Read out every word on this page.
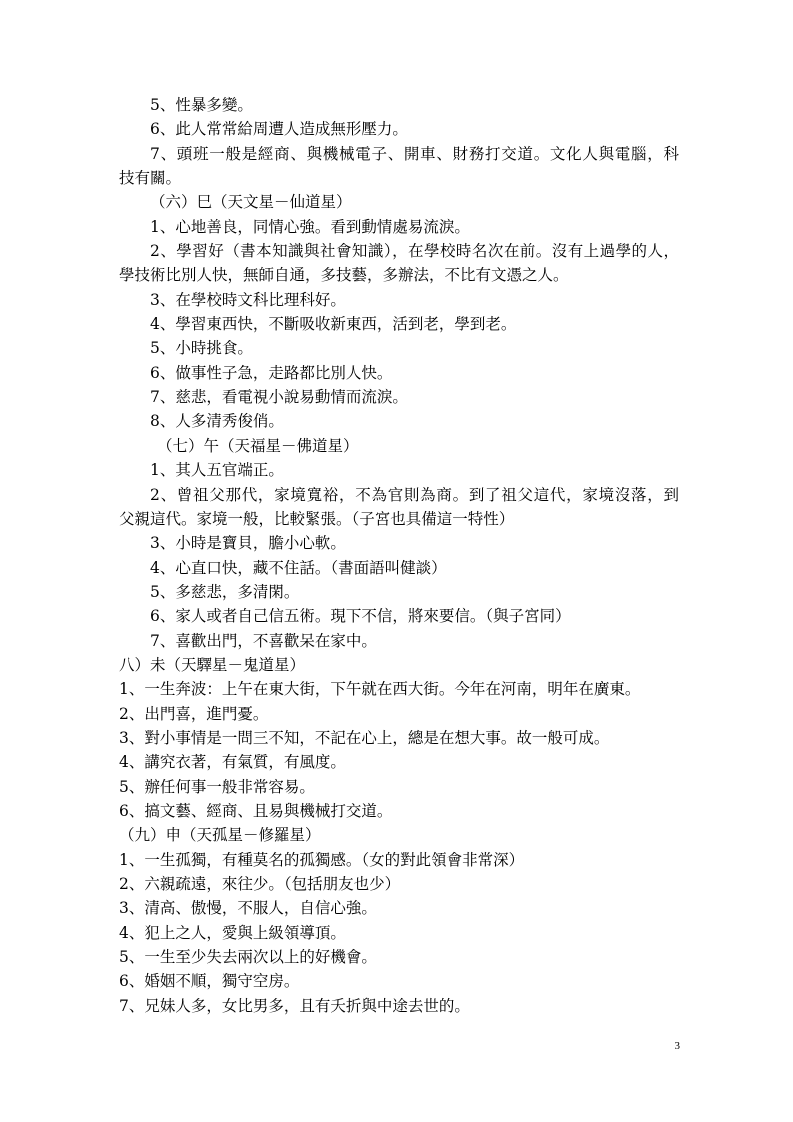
5、性暴多變。
6、此人常常給周遭人造成無形壓力。
7、頭班一般是經商、與機械電子、開車、財務打交道。文化人與電腦，科
技有關。
（六）巳（天文星－仙道星）
1、心地善良，同情心強。看到動情處易流淚。
2、學習好（書本知識與社會知識），在學校時名次在前。沒有上過學的人，
學技術比別人快，無師自通，多技藝，多辦法，不比有文憑之人。
3、在學校時文科比理科好。
4、學習東西快，不斷吸收新東西，活到老，學到老。
5、小時挑食。
6、做事性子急，走路都比別人快。
7、慈悲，看電視小說易動情而流淚。
8、人多清秀俊俏。
（七）午（天福星－佛道星）
1、其人五官端正。
2、曾祖父那代，家境寬裕，不為官則為商。到了祖父這代，家境沒落，到
父親這代。家境一般，比較緊張。（子宮也具備這一特性）
3、小時是寶貝，膽小心軟。
4、心直口快，藏不住話。（書面語叫健談）
5、多慈悲，多清閑。
6、家人或者自己信五術。現下不信，將來要信。（與子宮同）
7、喜歡出門，不喜歡呆在家中。
八）未（天驛星－鬼道星）
1、一生奔波：上午在東大街，下午就在西大街。今年在河南，明年在廣東。
2、出門喜，進門憂。
3、對小事情是一問三不知，不記在心上，總是在想大事。故一般可成。
4、講究衣著，有氣質，有風度。
5、辦任何事一般非常容易。
6、搞文藝、經商、且易與機械打交道。
（九）申（天孤星－修羅星）
1、一生孤獨，有種莫名的孤獨感。（女的對此領會非常深）
2、六親疏遠，來往少。（包括朋友也少）
3、清高、傲慢，不服人，自信心強。
4、犯上之人，愛與上級領導頂。
5、一生至少失去兩次以上的好機會。
6、婚姻不順，獨守空房。
7、兄妹人多，女比男多，且有夭折與中途去世的。
3
